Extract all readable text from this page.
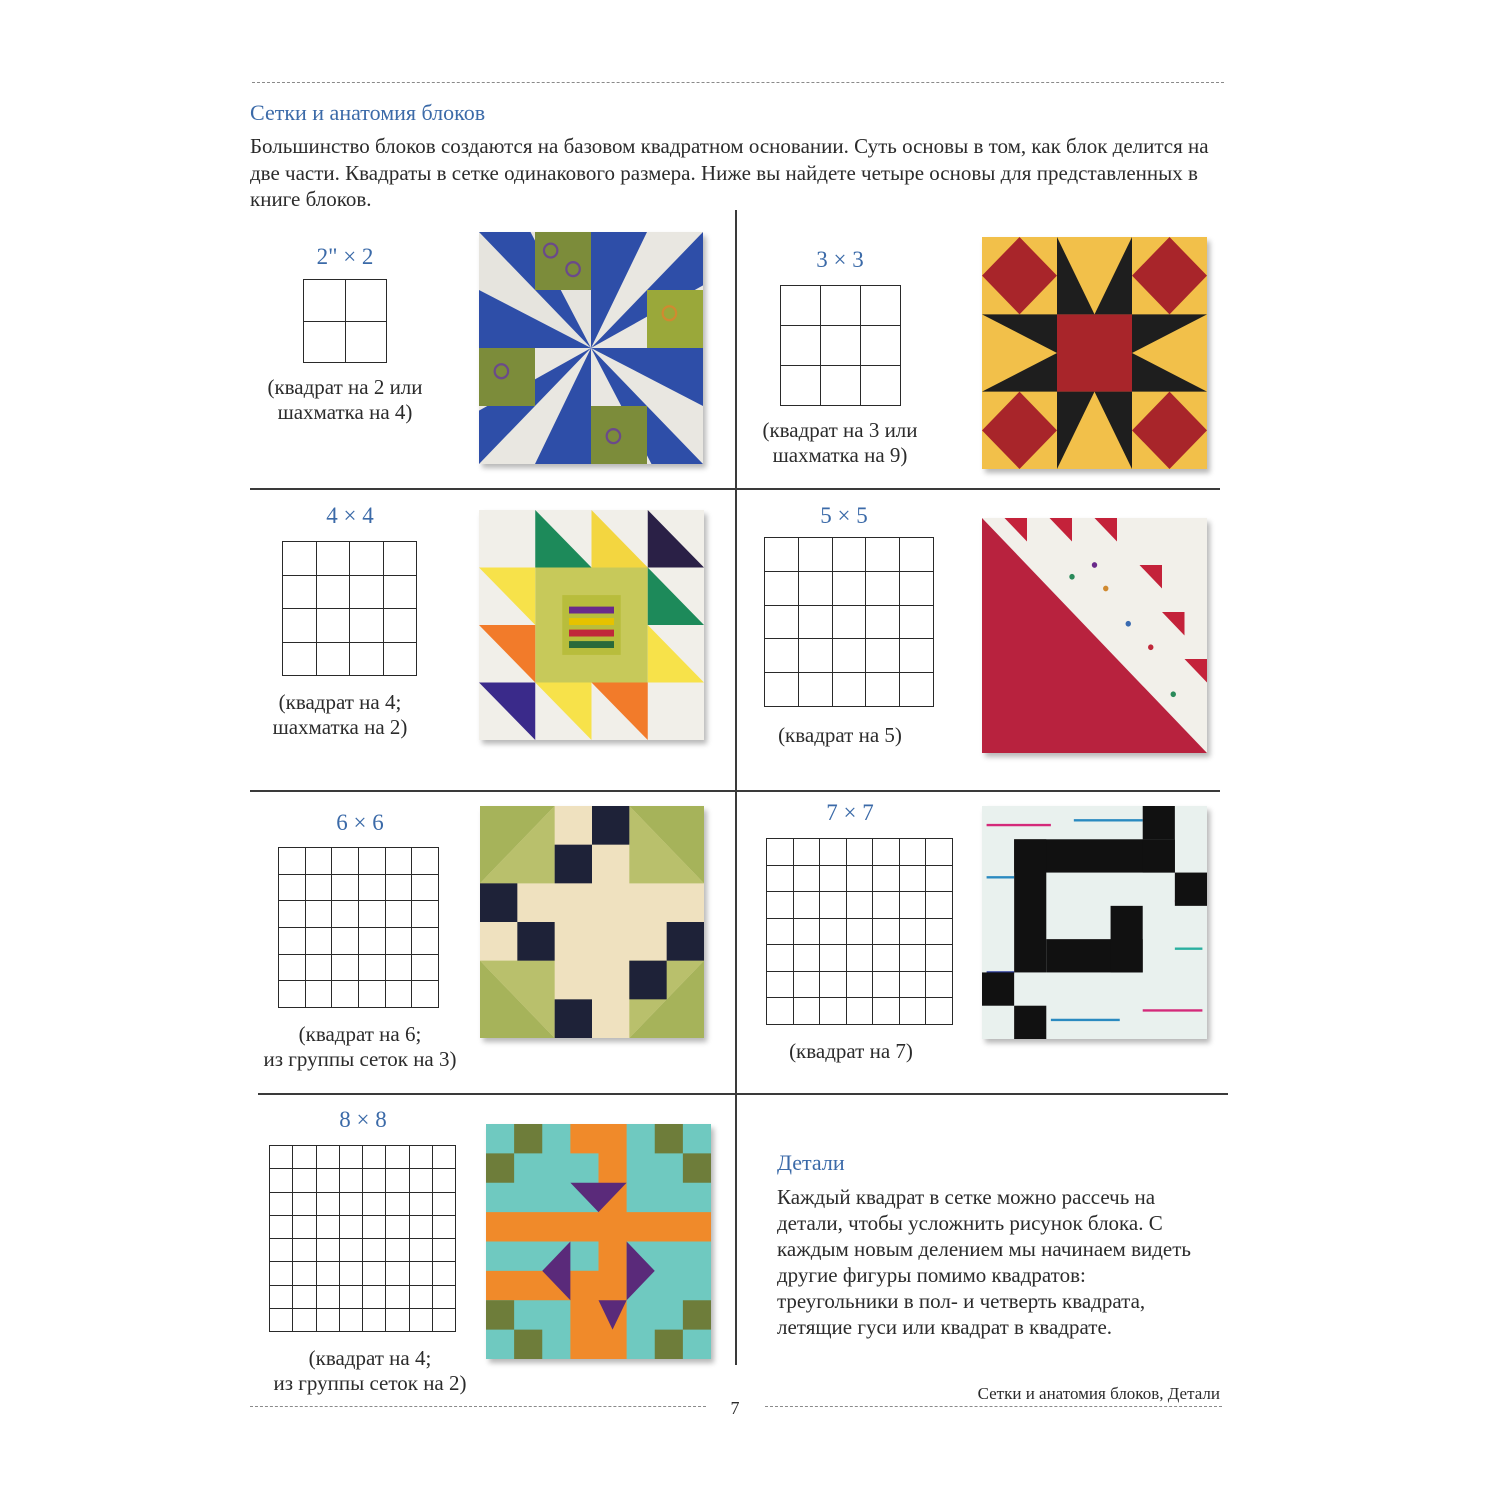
Сетки и анатомия блоков
Большинство блоков создаются на базовом квадратном основании. Суть основы в том, как блок делится на две части. Квадраты в сетке одинакового размера. Ниже вы найдете четыре основы для представленных в книге блоков.
2" × 2
(квадрат на 2 или
шахматка на 4)
3 × 3
(квадрат на 3 или
шахматка на 9)
4 × 4
(квадрат на 4;
шахматка на 2)
5 × 5
(квадрат на 5)
6 × 6
(квадрат на 6;
из группы сеток на 3)
7 × 7
(квадрат на 7)
8 × 8
(квадрат на 4;
из группы сеток на 2)
Детали
Каждый квадрат в сетке можно рассечь на детали, чтобы усложнить рисунок блока. С каждым новым делением мы начинаем видеть другие фигуры помимо квадратов: треугольники в пол- и четверть квадрата, летящие гуси или квадрат в квадрате.
Сетки и анатомия блоков, Детали
7
